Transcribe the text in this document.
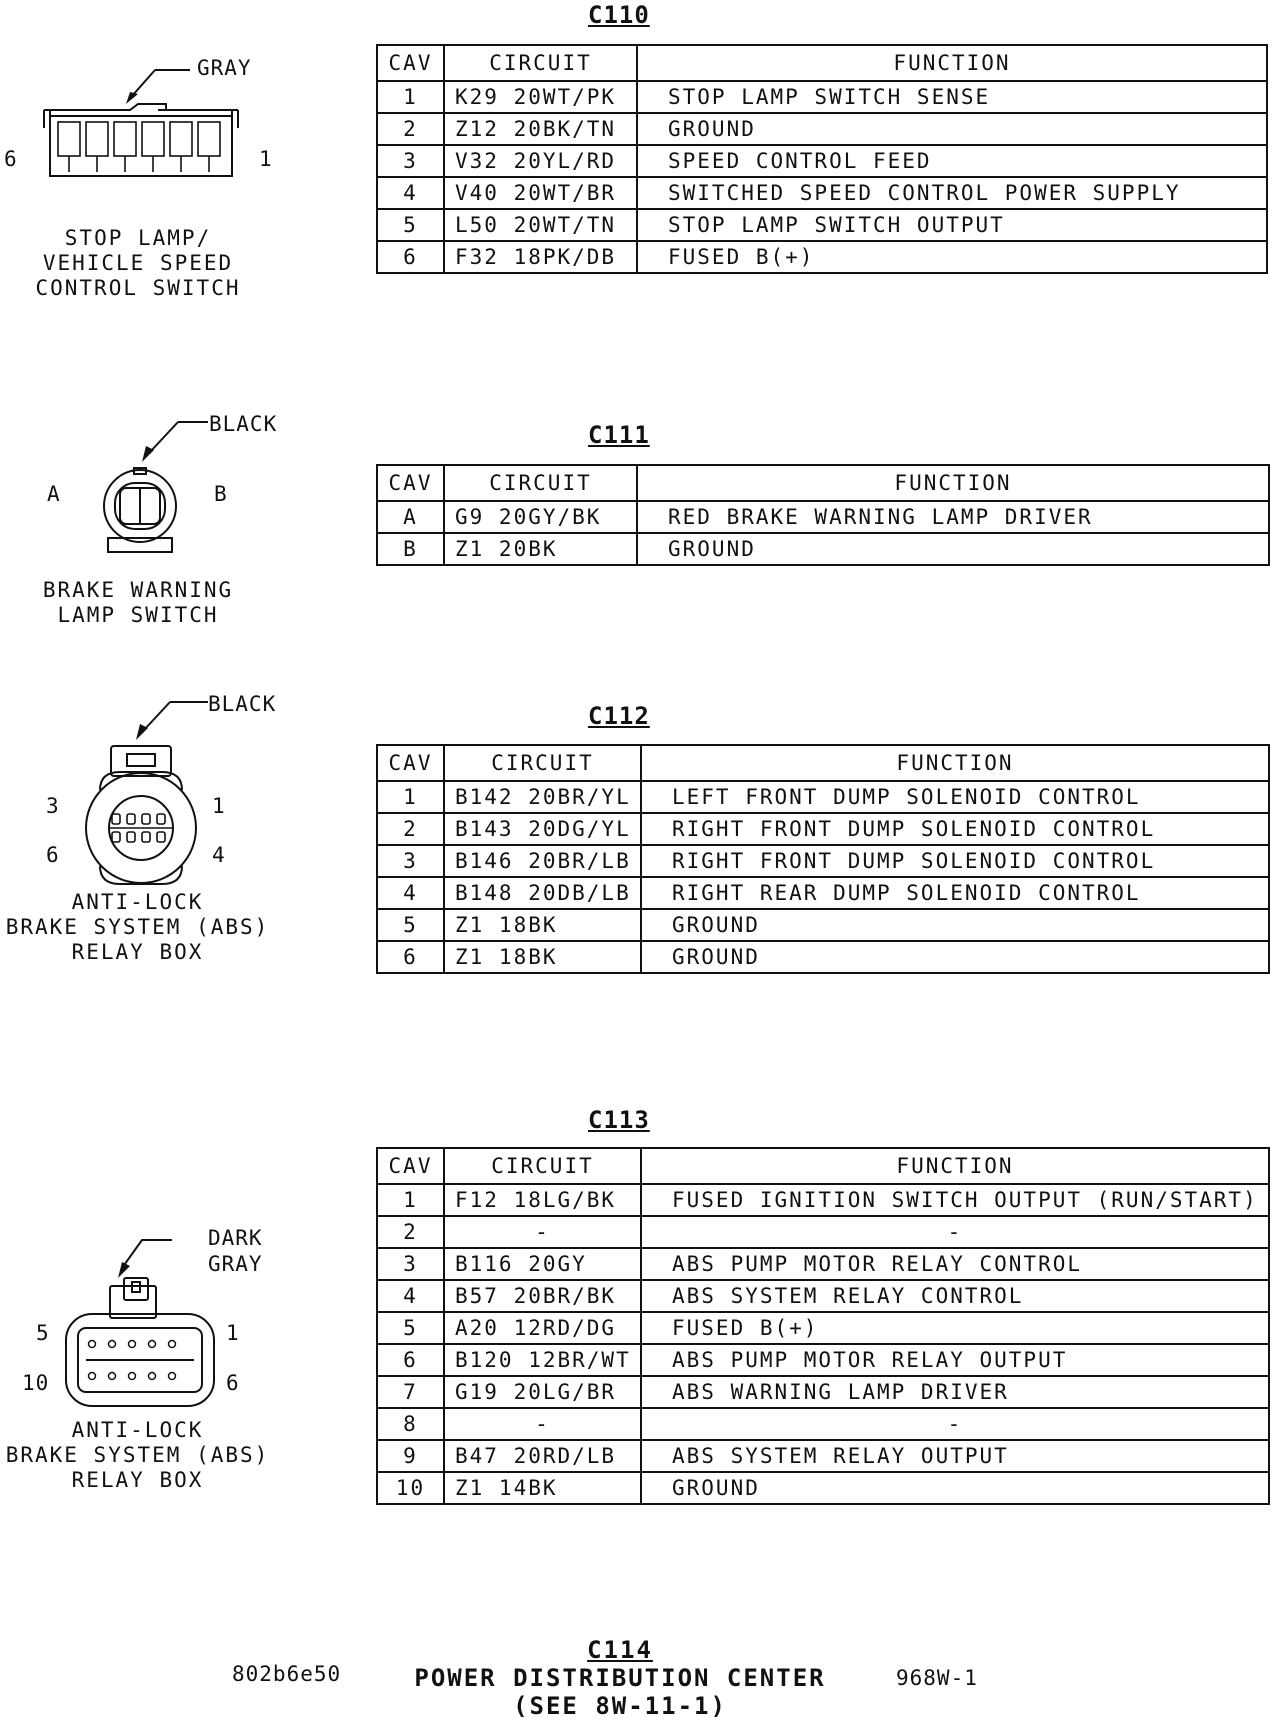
C110
GRAY
6	1
STOP LAMP/
VEHICLE SPEED
CONTROL SWITCH
CAV	CIRCUIT	FUNCTION
1	K29 20WT/PK	STOP LAMP SWITCH SENSE
2	Z12 20BK/TN	GROUND
3	V32 20YL/RD	SPEED CONTROL FEED
4	V40 20WT/BR	SWITCHED SPEED CONTROL POWER SUPPLY
5	L50 20WT/TN	STOP LAMP SWITCH OUTPUT
6	F32 18PK/DB	FUSED B(+)
C111
BLACK
A	B
BRAKE WARNING
LAMP SWITCH
CAV	CIRCUIT	FUNCTION
A	G9 20GY/BK	RED BRAKE WARNING LAMP DRIVER
B	Z1 20BK	GROUND
C112
BLACK
3	1
6	4
ANTI-LOCK
BRAKE SYSTEM (ABS)
RELAY BOX
CAV	CIRCUIT	FUNCTION
1	B142 20BR/YL	LEFT FRONT DUMP SOLENOID CONTROL
2	B143 20DG/YL	RIGHT FRONT DUMP SOLENOID CONTROL
3	B146 20BR/LB	RIGHT FRONT DUMP SOLENOID CONTROL
4	B148 20DB/LB	RIGHT REAR DUMP SOLENOID CONTROL
5	Z1 18BK	GROUND
6	Z1 18BK	GROUND
C113
DARK
GRAY
5	1
10	6
ANTI-LOCK
BRAKE SYSTEM (ABS)
RELAY BOX
CAV	CIRCUIT	FUNCTION
1	F12 18LG/BK	FUSED IGNITION SWITCH OUTPUT (RUN/START)
2	-	-
3	B116 20GY	ABS PUMP MOTOR RELAY CONTROL
4	B57 20BR/BK	ABS SYSTEM RELAY CONTROL
5	A20 12RD/DG	FUSED B(+)
6	B120 12BR/WT	ABS PUMP MOTOR RELAY OUTPUT
7	G19 20LG/BR	ABS WARNING LAMP DRIVER
8	-	-
9	B47 20RD/LB	ABS SYSTEM RELAY OUTPUT
10	Z1 14BK	GROUND
802b6e50
C114
POWER DISTRIBUTION CENTER
(SEE 8W-11-1)
968W-1
